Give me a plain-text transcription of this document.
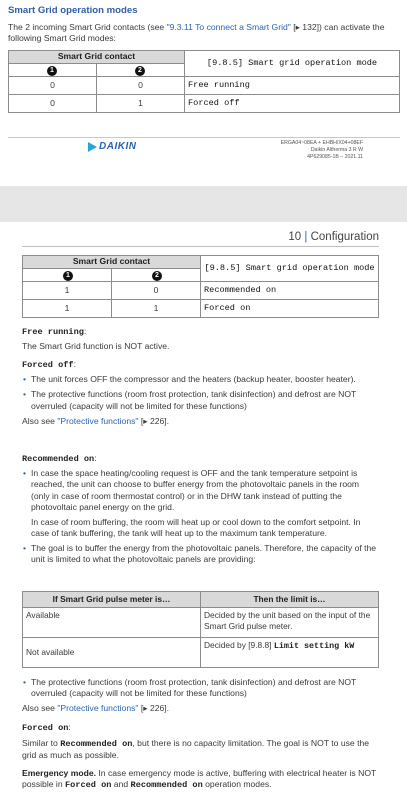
Smart Grid operation modes
The 2 incoming Smart Grid contacts (see "9.3.11 To connect a Smart Grid" [▸ 132]) can activate the following Smart Grid modes:
Smart Grid contact		[9.8.5] Smart grid operation mode
1	2	
0	0	Free running
0	1	Forced off
DAIKIN	ERGA04~08EA + EHBH/X04+08EF
Daikin Altherma 3 R W
4P629085-1B – 2021.11
10 | Configuration
Smart Grid contact		[9.8.5] Smart grid operation mode
1	2	
1	0	Recommended on
1	1	Forced on
Free running:
The Smart Grid function is NOT active.
Forced off:
• The unit forces OFF the compressor and the heaters (backup heater, booster heater).
• The protective functions (room frost protection, tank disinfection) and defrost are NOT overruled (capacity will not be limited for these functions)
Also see "Protective functions" [▸ 226].
Recommended on:
• In case the space heating/cooling request is OFF and the tank temperature setpoint is reached, the unit can choose to buffer energy from the photovoltaic panels in the room (only in case of room thermostat control) or in the DHW tank instead of putting the photovoltaic panel energy on the grid.
In case of room buffering, the room will heat up or cool down to the comfort setpoint. In case of tank buffering, the tank will heat up to the maximum tank temperature.
• The goal is to buffer the energy from the photovoltaic panels. Therefore, the capacity of the unit is limited to what the photovoltaic panels are providing:
If Smart Grid pulse meter is…	Then the limit is…
Available	Decided by the unit based on the input of the Smart Grid pulse meter.
Not available	Decided by [9.8.8] Limit setting kW
• The protective functions (room frost protection, tank disinfection) and defrost are NOT overruled (capacity will not be limited for these functions)
Also see "Protective functions" [▸ 226].
Forced on:
Similar to Recommended on, but there is no capacity limitation. The goal is NOT to use the grid as much as possible.
Emergency mode. In case emergency mode is active, buffering with electrical heater is NOT possible in Forced on and Recommended on operation modes.
